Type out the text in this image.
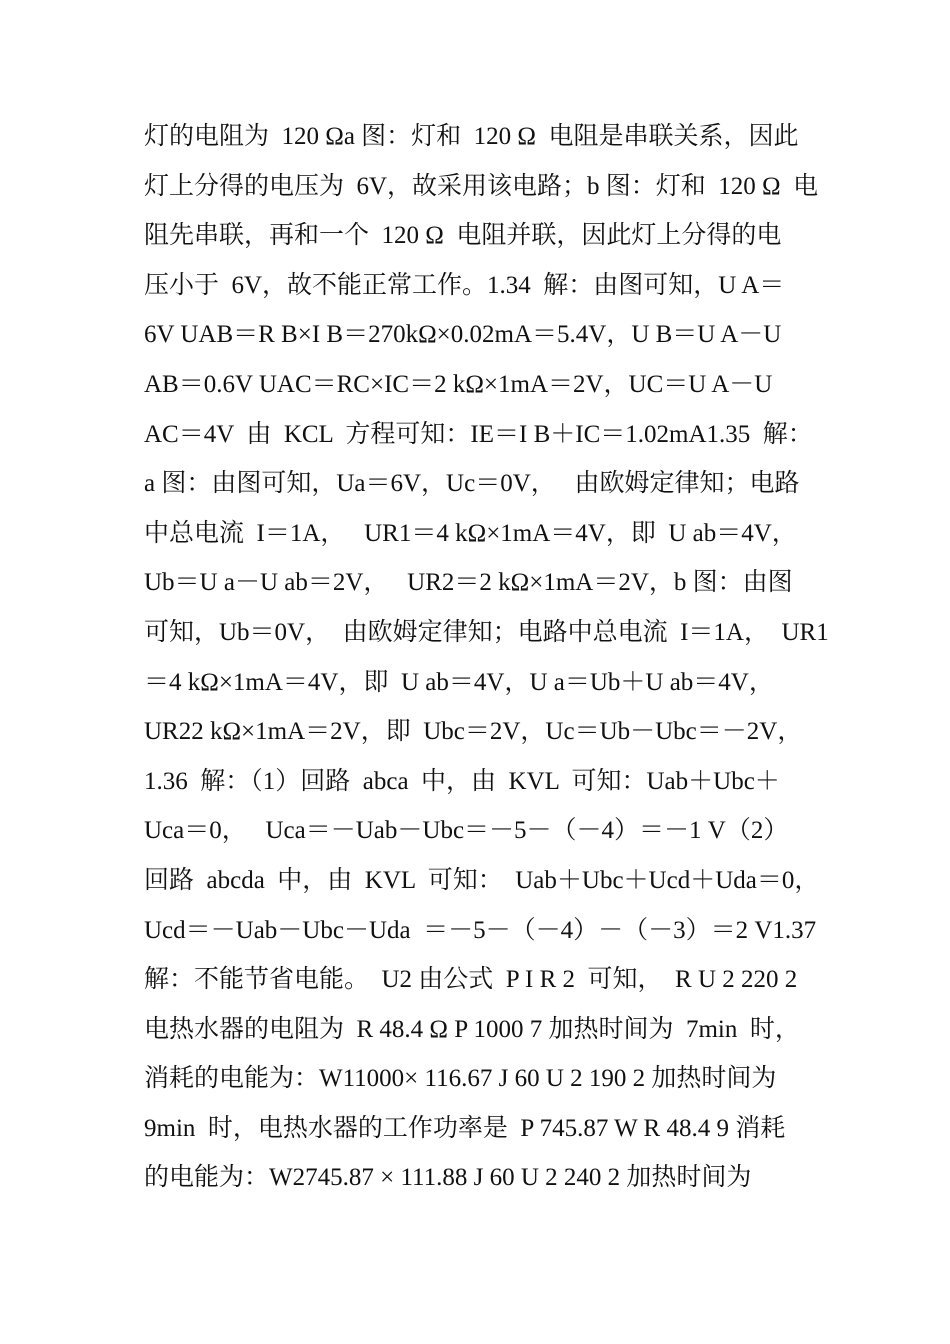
灯的电阻为  120 Ωa 图：灯和  120 Ω  电阻是串联关系，因此
灯上分得的电压为  6V，故采用该电路；b 图：灯和  120 Ω  电
阻先串联，再和一个  120 Ω  电阻并联，因此灯上分得的电
压小于  6V，故不能正常工作。1.34  解：由图可知，U A＝
6V UAB＝R B×I B＝270kΩ×0.02mA＝5.4V，U B＝U A－U
AB＝0.6V UAC＝RC×IC＝2 kΩ×1mA＝2V，UC＝U A－U
AC＝4V  由  KCL  方程可知：IE＝I B＋IC＝1.02mA1.35  解：
a 图：由图可知，Ua＝6V，Uc＝0V，   由欧姆定律知；电路
中总电流  I＝1A，   UR1＝4 kΩ×1mA＝4V，即  U ab＝4V，
Ub＝U a－U ab＝2V，   UR2＝2 kΩ×1mA＝2V，b 图：由图
可知，Ub＝0V，  由欧姆定律知；电路中总电流  I＝1A，  UR1
＝4 kΩ×1mA＝4V，即  U ab＝4V，U a＝Ub＋U ab＝4V，
UR22 kΩ×1mA＝2V，即  Ubc＝2V，Uc＝Ub－Ubc＝－2V，
1.36  解：（1）回路  abca  中，由  KVL  可知：Uab＋Ubc＋
Uca＝0，   Uca＝－Uab－Ubc＝－5－（－4）＝－1 V（2）
回路  abcda  中，由  KVL  可知：  Uab＋Ubc＋Ucd＋Uda＝0，
Ucd＝－Uab－Ubc－Uda  ＝－5－（－4）－（－3）＝2 V1.37
解：不能节省电能。  U2 由公式  P I R 2  可知，  R U 2 220 2
电热水器的电阻为  R 48.4 Ω P 1000 7 加热时间为  7min  时，
消耗的电能为：W11000× 116.67 J 60 U 2 190 2 加热时间为
9min  时，电热水器的工作功率是  P 745.87 W R 48.4 9 消耗
的电能为：W2745.87 × 111.88 J 60 U 2 240 2 加热时间为
